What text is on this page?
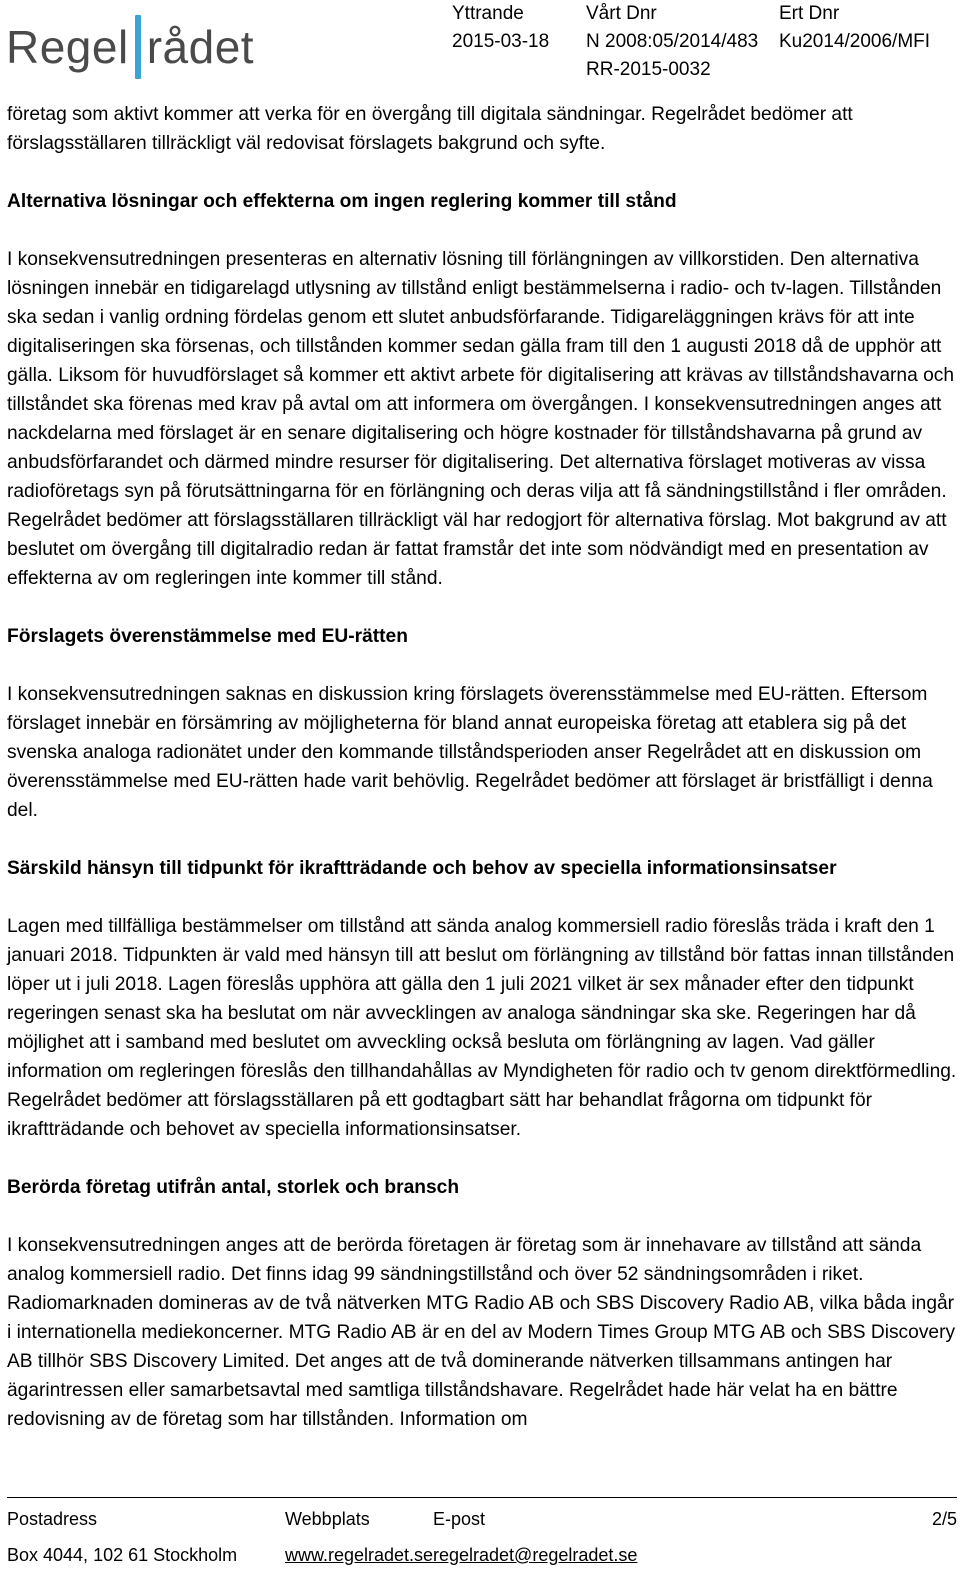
Regel rådet
Yttrande
2015-03-18
Vårt Dnr
N 2008:05/2014/483
RR-2015-0032
Ert Dnr
Ku2014/2006/MFI

företag som aktivt kommer att verka för en övergång till digitala sändningar. Regelrådet bedömer att förslagsställaren tillräckligt väl redovisat förslagets bakgrund och syfte.

Alternativa lösningar och effekterna om ingen reglering kommer till stånd

I konsekvensutredningen presenteras en alternativ lösning till förlängningen av villkorstiden. Den alternativa lösningen innebär en tidigarelagd utlysning av tillstånd enligt bestämmelserna i radio- och tv-lagen. Tillstånden ska sedan i vanlig ordning fördelas genom ett slutet anbudsförfarande. Tidigareläggningen krävs för att inte digitaliseringen ska försenas, och tillstånden kommer sedan gälla fram till den 1 augusti 2018 då de upphör att gälla. Liksom för huvudförslaget så kommer ett aktivt arbete för digitalisering att krävas av tillståndshavarna och tillståndet ska förenas med krav på avtal om att informera om övergången. I konsekvensutredningen anges att nackdelarna med förslaget är en senare digitalisering och högre kostnader för tillståndshavarna på grund av anbudsförfarandet och därmed mindre resurser för digitalisering. Det alternativa förslaget motiveras av vissa radioföretags syn på förutsättningarna för en förlängning och deras vilja att få sändningstillstånd i fler områden. Regelrådet bedömer att förslagsställaren tillräckligt väl har redogjort för alternativa förslag. Mot bakgrund av att beslutet om övergång till digitalradio redan är fattat framstår det inte som nödvändigt med en presentation av effekterna av om regleringen inte kommer till stånd.

Förslagets överenstämmelse med EU-rätten

I konsekvensutredningen saknas en diskussion kring förslagets överensstämmelse med EU-rätten. Eftersom förslaget innebär en försämring av möjligheterna för bland annat europeiska företag att etablera sig på det svenska analoga radionätet under den kommande tillståndsperioden anser Regelrådet att en diskussion om överensstämmelse med EU-rätten hade varit behövlig. Regelrådet bedömer att förslaget är bristfälligt i denna del.

Särskild hänsyn till tidpunkt för ikraftträdande och behov av speciella informationsinsatser

Lagen med tillfälliga bestämmelser om tillstånd att sända analog kommersiell radio föreslås träda i kraft den 1 januari 2018. Tidpunkten är vald med hänsyn till att beslut om förlängning av tillstånd bör fattas innan tillstånden löper ut i juli 2018. Lagen föreslås upphöra att gälla den 1 juli 2021 vilket är sex månader efter den tidpunkt regeringen senast ska ha beslutat om när avvecklingen av analoga sändningar ska ske. Regeringen har då möjlighet att i samband med beslutet om avveckling också besluta om förlängning av lagen. Vad gäller information om regleringen föreslås den tillhandahållas av Myndigheten för radio och tv genom direktförmedling. Regelrådet bedömer att förslagsställaren på ett godtagbart sätt har behandlat frågorna om tidpunkt för ikraftträdande och behovet av speciella informationsinsatser.

Berörda företag utifrån antal, storlek och bransch

I konsekvensutredningen anges att de berörda företagen är företag som är innehavare av tillstånd att sända analog kommersiell radio. Det finns idag 99 sändningstillstånd och över 52 sändningsområden i riket. Radiomarknaden domineras av de två nätverken MTG Radio AB och SBS Discovery Radio AB, vilka båda ingår i internationella mediekoncerner. MTG Radio AB är en del av Modern Times Group MTG AB och SBS Discovery AB tillhör SBS Discovery Limited. Det anges att de två dominerande nätverken tillsammans antingen har ägarintressen eller samarbetsavtal med samtliga tillståndshavare. Regelrådet hade här velat ha en bättre redovisning av de företag som har tillstånden. Information om

Postadress
Box 4044, 102 61 Stockholm
Webbplats
www.regelradet.se
E-post
regelradet@regelradet.se
2/5
